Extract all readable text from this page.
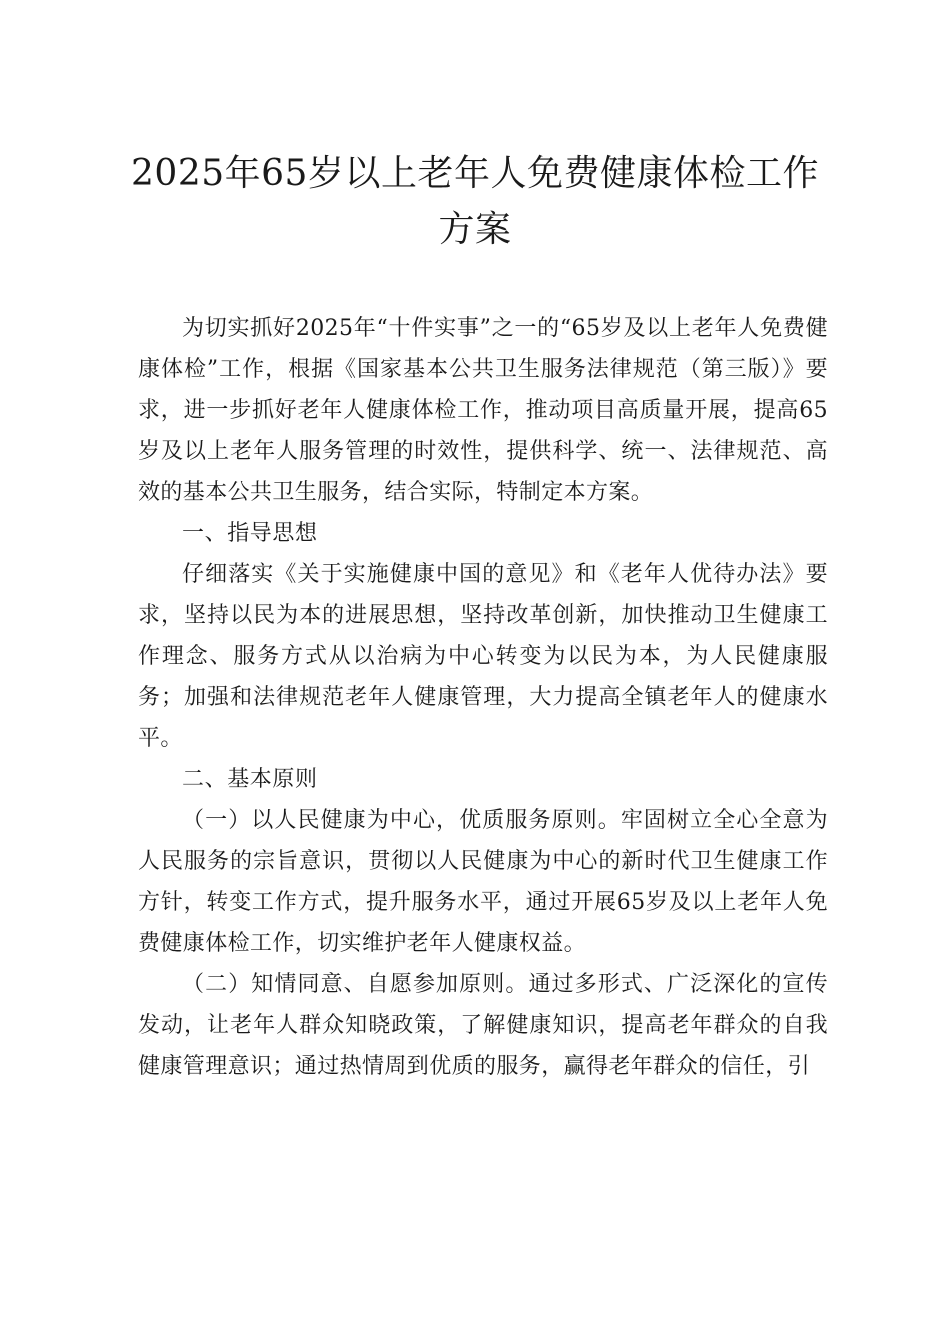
2025年65岁以上老年人免费健康体检工作方案

为切实抓好2025年“十件实事”之一的“65岁及以上老年人免费健康体检”工作，根据《国家基本公共卫生服务法律规范（第三版）》要求，进一步抓好老年人健康体检工作，推动项目高质量开展，提高65岁及以上老年人服务管理的时效性，提供科学、统一、法律规范、高效的基本公共卫生服务，结合实际，特制定本方案。

一、指导思想

仔细落实《关于实施健康中国的意见》和《老年人优待办法》要求，坚持以民为本的进展思想，坚持改革创新，加快推动卫生健康工作理念、服务方式从以治病为中心转变为以民为本，为人民健康服务；加强和法律规范老年人健康管理，大力提高全镇老年人的健康水平。

二、基本原则

（一）以人民健康为中心，优质服务原则。牢固树立全心全意为人民服务的宗旨意识，贯彻以人民健康为中心的新时代卫生健康工作方针，转变工作方式，提升服务水平，通过开展65岁及以上老年人免费健康体检工作，切实维护老年人健康权益。

（二）知情同意、自愿参加原则。通过多形式、广泛深化的宣传发动，让老年人群众知晓政策，了解健康知识，提高老年群众的自我健康管理意识；通过热情周到优质的服务，赢得老年群众的信任，引
